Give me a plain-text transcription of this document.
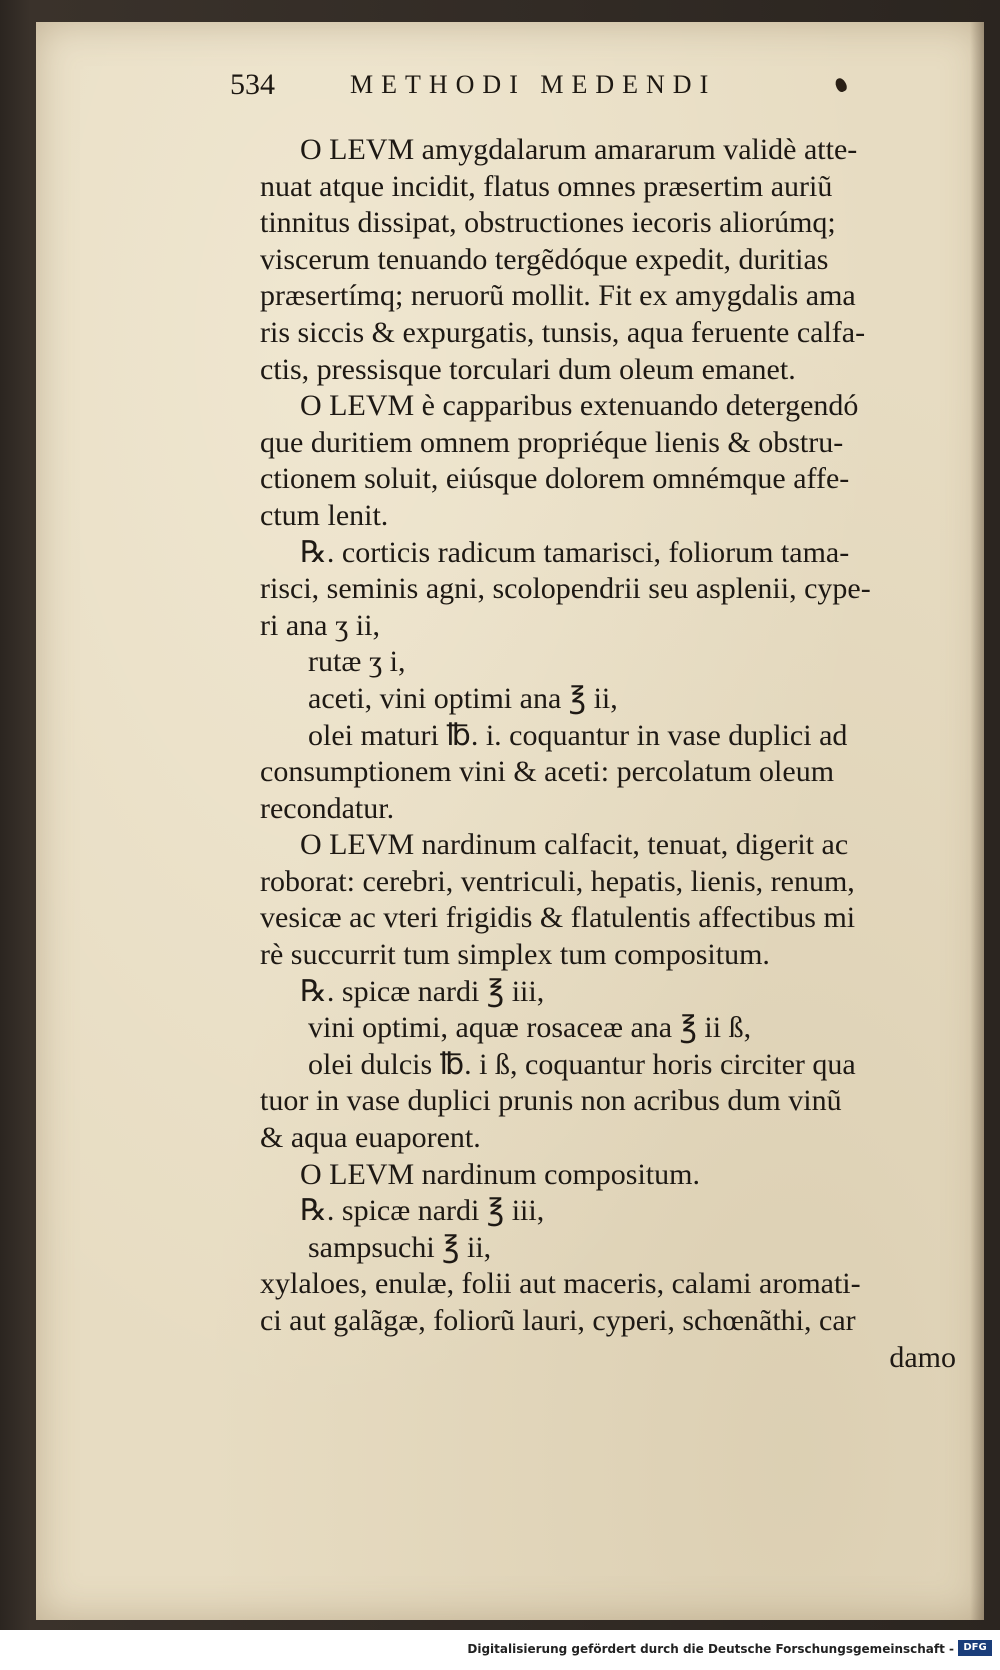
534	METHODI MEDENDI
O LEVM amygdalarum amararum validè atte-
nuat atque incidit, flatus omnes præsertim auriũ
tinnitus dissipat, obstructiones iecoris aliorúmq;
viscerum tenuando tergẽdóque expedit, duritias
præsertímq; neruorũ mollit. Fit ex amygdalis ama
ris siccis & expurgatis, tunsis, aqua feruente calfa-
ctis, pressisque torculari dum oleum emanet.
O LEVM è capparibus extenuando detergendó
que duritiem omnem propriéque lienis & obstru-
ctionem soluit, eiúsque dolorem omnémque affe-
ctum lenit.
℞. corticis radicum tamarisci, foliorum tama-
risci, seminis agni, scolopendrii seu asplenii, cype-
ri ana ʒ ii,
rutæ ʒ i,
aceti, vini optimi ana ℥ ii,
olei maturi ℔. i. coquantur in vase duplici ad
consumptionem vini & aceti: percolatum oleum
recondatur.
O LEVM nardinum calfacit, tenuat, digerit ac
roborat: cerebri, ventriculi, hepatis, lienis, renum,
vesicæ ac vteri frigidis & flatulentis affectibus mi
rè succurrit tum simplex tum compositum.
℞. spicæ nardi ℥ iii,
vini optimi, aquæ rosaceæ ana ℥ ii ß,
olei dulcis ℔. i ß, coquantur horis circiter qua
tuor in vase duplici prunis non acribus dum vinũ
& aqua euaporent.
O LEVM nardinum compositum.
℞. spicæ nardi ℥ iii,
sampsuchi ℥ ii,
xylaloes, enulæ, folii aut maceris, calami aromati-
ci aut galãgæ, foliorũ lauri, cyperi, schœnãthi, car
damo
Digitalisierung gefördert durch die Deutsche Forschungsgemeinschaft - DFG
